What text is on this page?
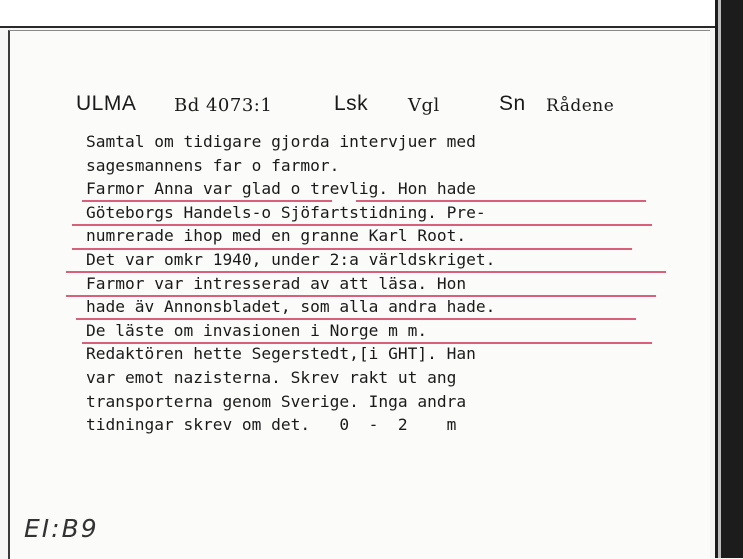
ULMA Bd 4073:1	Lsk Vgl	Sn Rådene
Samtal om tidigare gjorda intervjuer med
sagesmannens far o farmor.
Farmor Anna var glad o trevlig. Hon hade
Göteborgs Handels-o Sjöfartstidning. Pre-
numrerade ihop med en granne Karl Root.
Det var omkr 1940, under 2:a världskriget.
Farmor var intresserad av att läsa. Hon
hade äv Annonsbladet, som alla andra hade.
De läste om invasionen i Norge m m.
Redaktören hette Segerstedt,[i GHT]. Han
var emot nazisterna. Skrev rakt ut ang
transporterna genom Sverige. Inga andra
tidningar skrev om det.   0  -  2    m
EI:B9
